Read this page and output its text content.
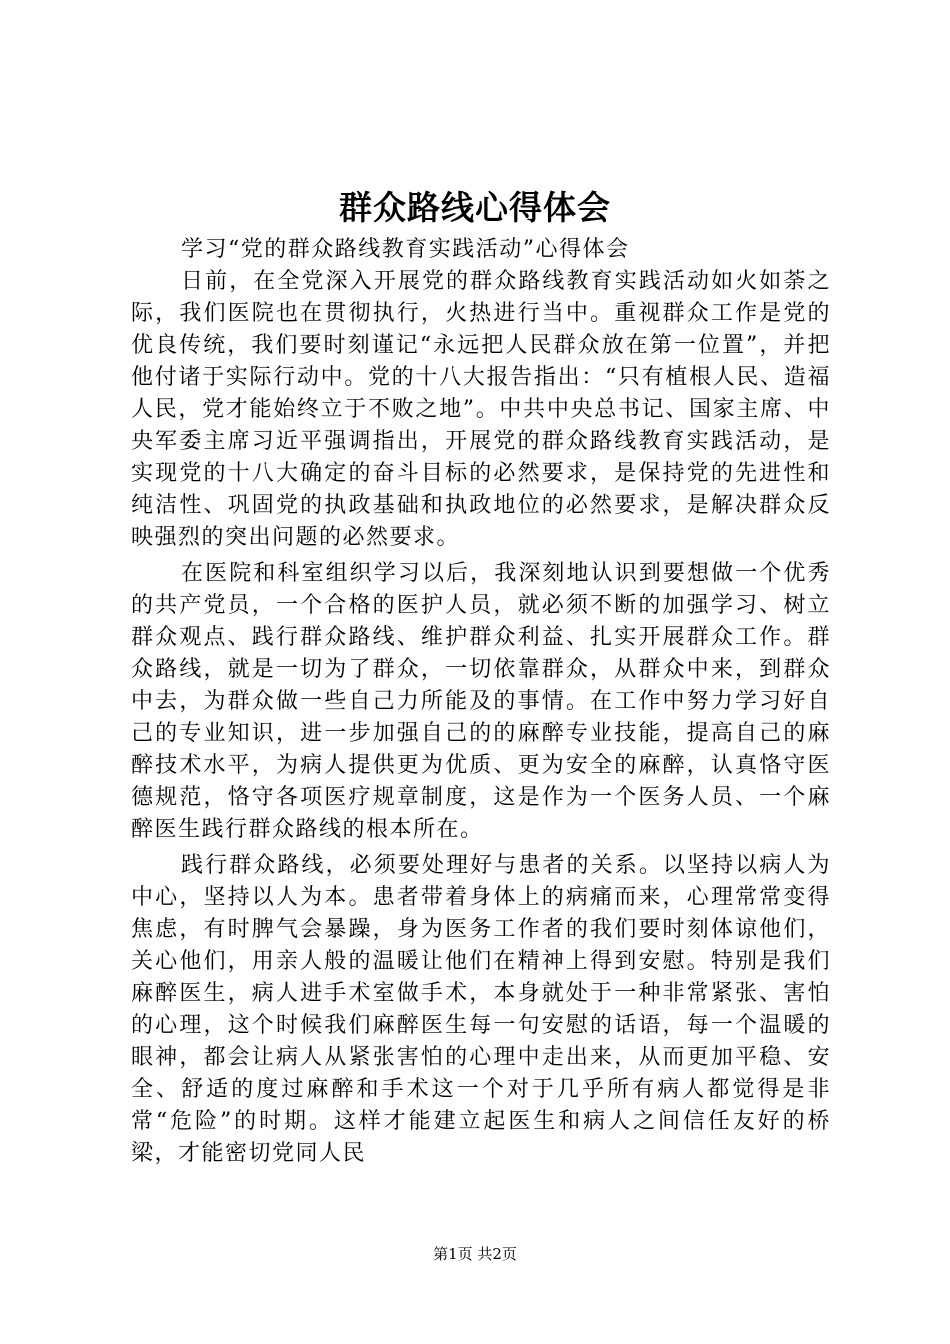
群众路线心得体会

学习“党的群众路线教育实践活动”心得体会

日前，在全党深入开展党的群众路线教育实践活动如火如荼之际，我们医院也在贯彻执行，火热进行当中。重视群众工作是党的优良传统，我们要时刻谨记“永远把人民群众放在第一位置”，并把他付诸于实际行动中。党的十八大报告指出：“只有植根人民、造福人民，党才能始终立于不败之地”。中共中央总书记、国家主席、中央军委主席习近平强调指出，开展党的群众路线教育实践活动，是实现党的十八大确定的奋斗目标的必然要求，是保持党的先进性和纯洁性、巩固党的执政基础和执政地位的必然要求，是解决群众反映强烈的突出问题的必然要求。

在医院和科室组织学习以后，我深刻地认识到要想做一个优秀的共产党员，一个合格的医护人员，就必须不断的加强学习、树立群众观点、践行群众路线、维护群众利益、扎实开展群众工作。群众路线，就是一切为了群众，一切依靠群众，从群众中来，到群众中去，为群众做一些自己力所能及的事情。在工作中努力学习好自己的专业知识，进一步加强自己的的麻醉专业技能，提高自己的麻醉技术水平，为病人提供更为优质、更为安全的麻醉，认真恪守医德规范，恪守各项医疗规章制度，这是作为一个医务人员、一个麻醉医生践行群众路线的根本所在。

践行群众路线，必须要处理好与患者的关系。以坚持以病人为中心，坚持以人为本。患者带着身体上的病痛而来，心理常常变得焦虑，有时脾气会暴躁，身为医务工作者的我们要时刻体谅他们，关心他们，用亲人般的温暖让他们在精神上得到安慰。特别是我们麻醉医生，病人进手术室做手术，本身就处于一种非常紧张、害怕的心理，这个时候我们麻醉医生每一句安慰的话语，每一个温暖的眼神，都会让病人从紧张害怕的心理中走出来，从而更加平稳、安全、舒适的度过麻醉和手术这一个对于几乎所有病人都觉得是非常“危险”的时期。这样才能建立起医生和病人之间信任友好的桥梁，才能密切党同人民

第1页 共2页
